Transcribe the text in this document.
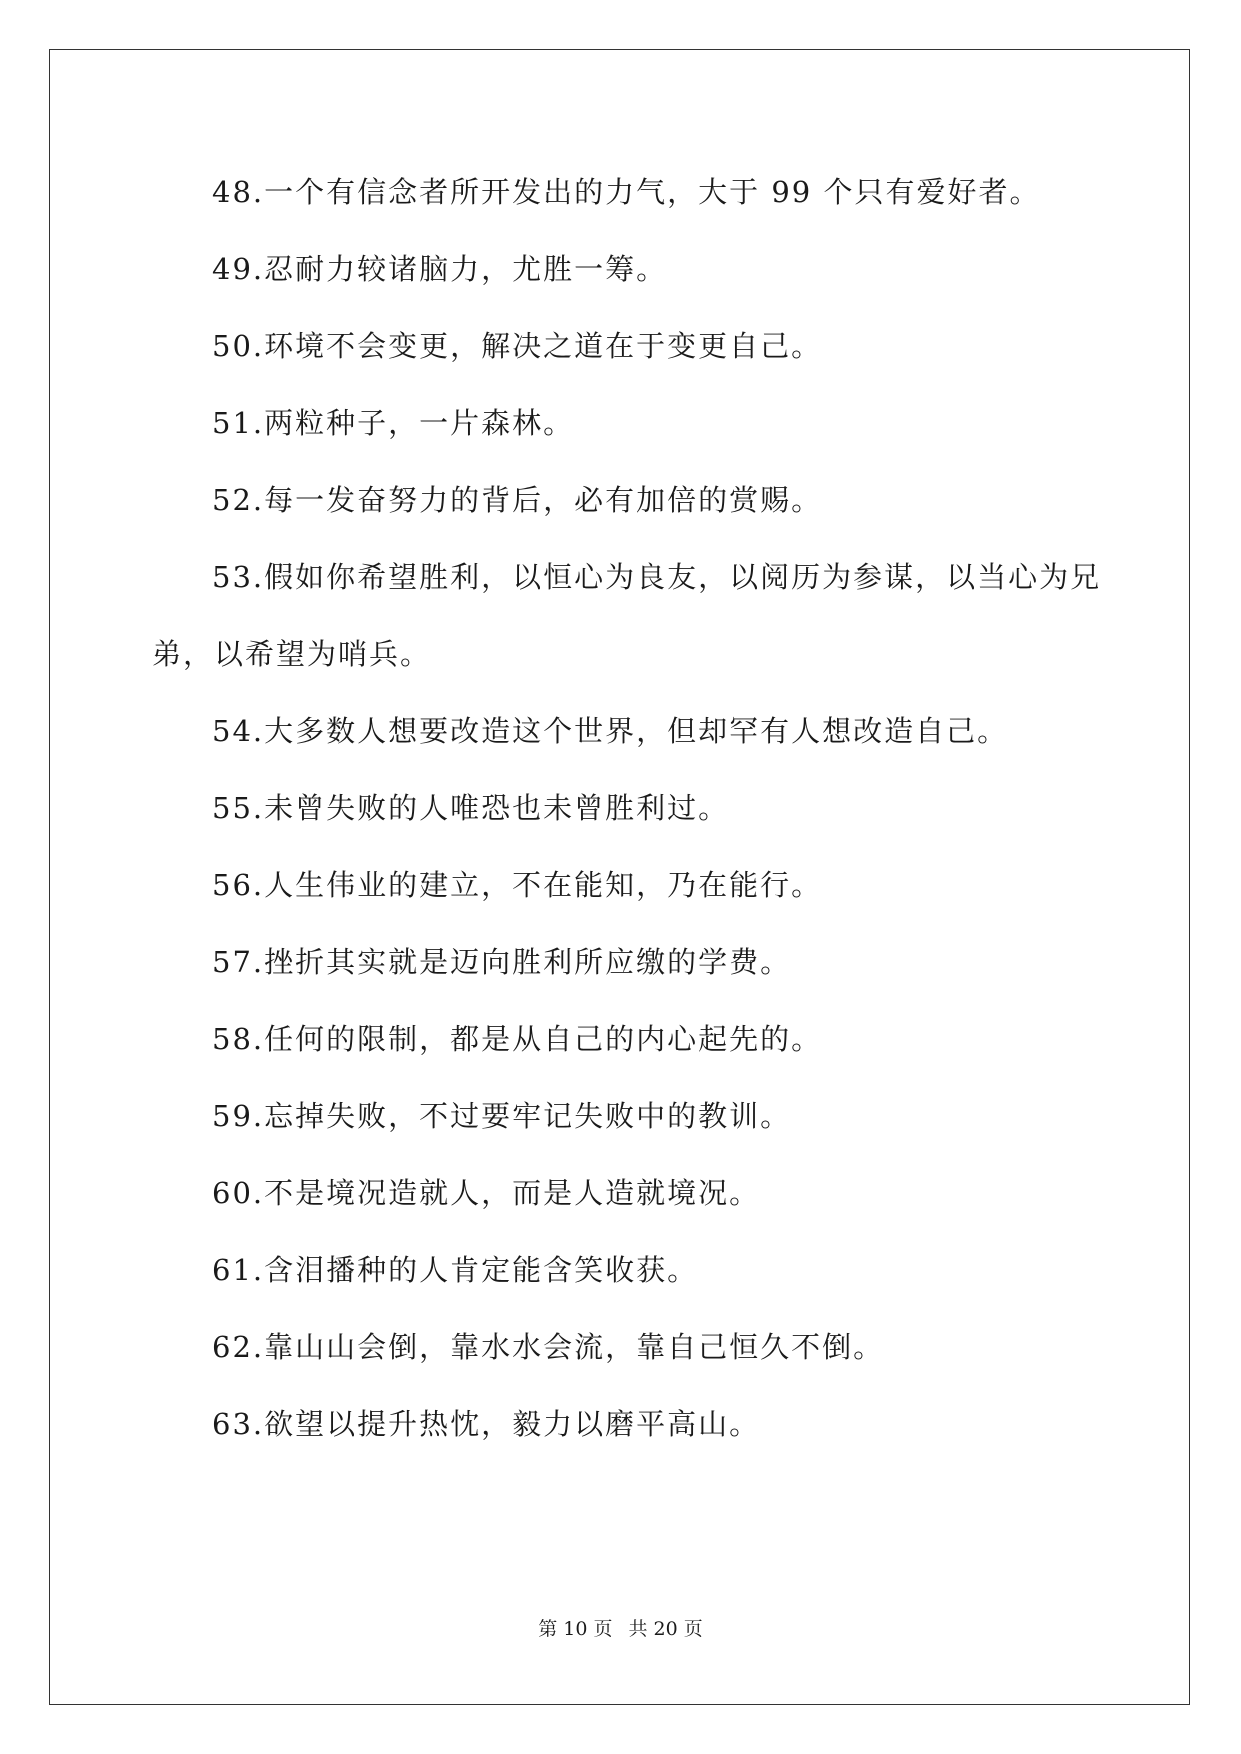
48.一个有信念者所开发出的力气，大于 99 个只有爱好者。
49.忍耐力较诸脑力，尤胜一筹。
50.环境不会变更，解决之道在于变更自己。
51.两粒种子，一片森林。
52.每一发奋努力的背后，必有加倍的赏赐。
53.假如你希望胜利，以恒心为良友，以阅历为参谋，以当心为兄
弟，以希望为哨兵。
54.大多数人想要改造这个世界，但却罕有人想改造自己。
55.未曾失败的人唯恐也未曾胜利过。
56.人生伟业的建立，不在能知，乃在能行。
57.挫折其实就是迈向胜利所应缴的学费。
58.任何的限制，都是从自己的内心起先的。
59.忘掉失败，不过要牢记失败中的教训。
60.不是境况造就人，而是人造就境况。
61.含泪播种的人肯定能含笑收获。
62.靠山山会倒，靠水水会流，靠自己恒久不倒。
63.欲望以提升热忱，毅力以磨平高山。
第 10 页 共 20 页
